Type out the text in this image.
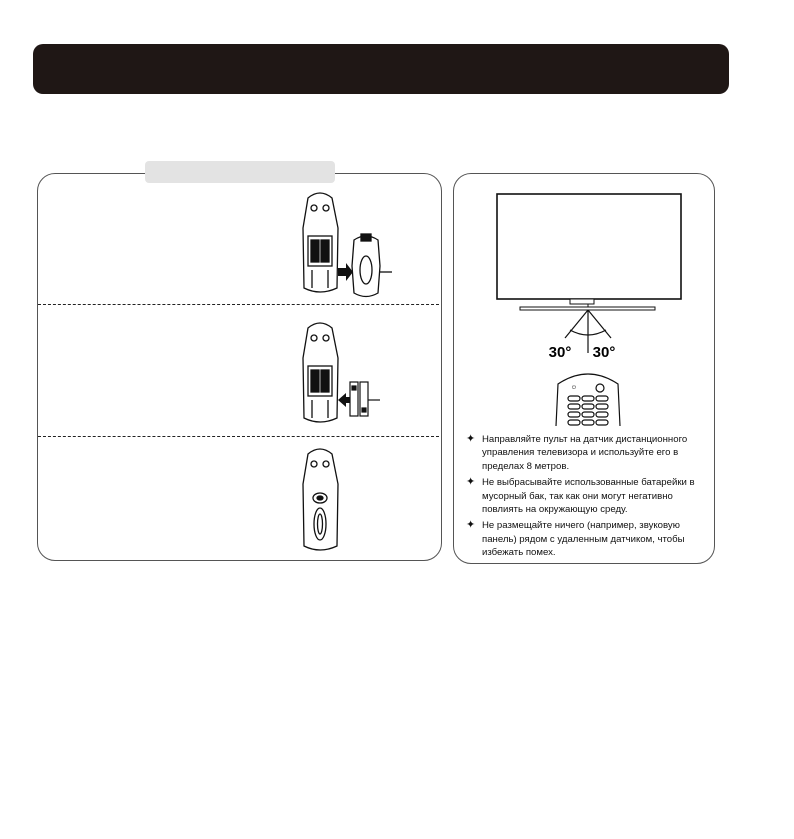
30° 30°
⏻
✦ Направляйте пульт на датчик дистанционного управления телевизора и используйте его в пределах 8 метров.
✦ Не выбрасывайте использованные батарейки в мусорный бак, так как они могут негативно повлиять на окружающую среду.
✦ Не размещайте ничего (например, звуковую панель) рядом с удаленным датчиком, чтобы избежать помех.
